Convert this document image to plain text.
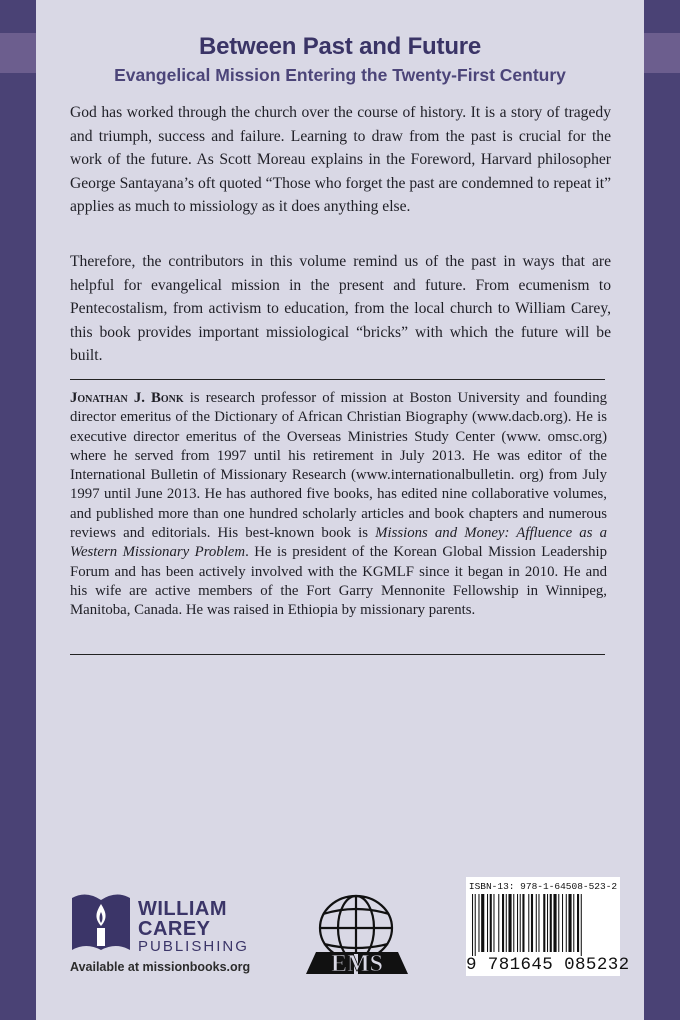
Between Past and Future
Evangelical Mission Entering the Twenty-First Century

God has worked through the church over the course of history. It is a story of tragedy and triumph, success and failure. Learning to draw from the past is crucial for the work of the future. As Scott Moreau explains in the Foreword, Harvard philosopher George Santayana’s oft quoted “Those who forget the past are condemned to repeat it” applies as much to missiology as it does anything else.

Therefore, the contributors in this volume remind us of the past in ways that are helpful for evangelical mission in the present and future. From ecumenism to Pentecostalism, from activism to education, from the local church to William Carey, this book provides important missiological “bricks” with which the future will be built.

Jonathan J. Bonk is research professor of mission at Boston University and founding director emeritus of the Dictionary of African Christian Biography (www.dacb.org). He is executive director emeritus of the Overseas Ministries Study Center (www. omsc.org) where he served from 1997 until his retirement in July 2013. He was editor of the International Bulletin of Missionary Research (www.internationalbulletin. org) from July 1997 until June 2013. He has authored five books, has edited nine collaborative volumes, and published more than one hundred scholarly articles and book chapters and numerous reviews and editorials. His best-known book is Missions and Money: Affluence as a Western Missionary Problem. He is president of the Korean Global Mission Leadership Forum and has been actively involved with the KGMLF since it began in 2010. He and his wife are active members of the Fort Garry Mennonite Fellowship in Winnipeg, Manitoba, Canada. He was raised in Ethiopia by missionary parents.

WILLIAM
CAREY
PUBLISHING
Available at missionbooks.org	EMS
ISBN-13: 978-1-64508-523-2
9 781645 085232
